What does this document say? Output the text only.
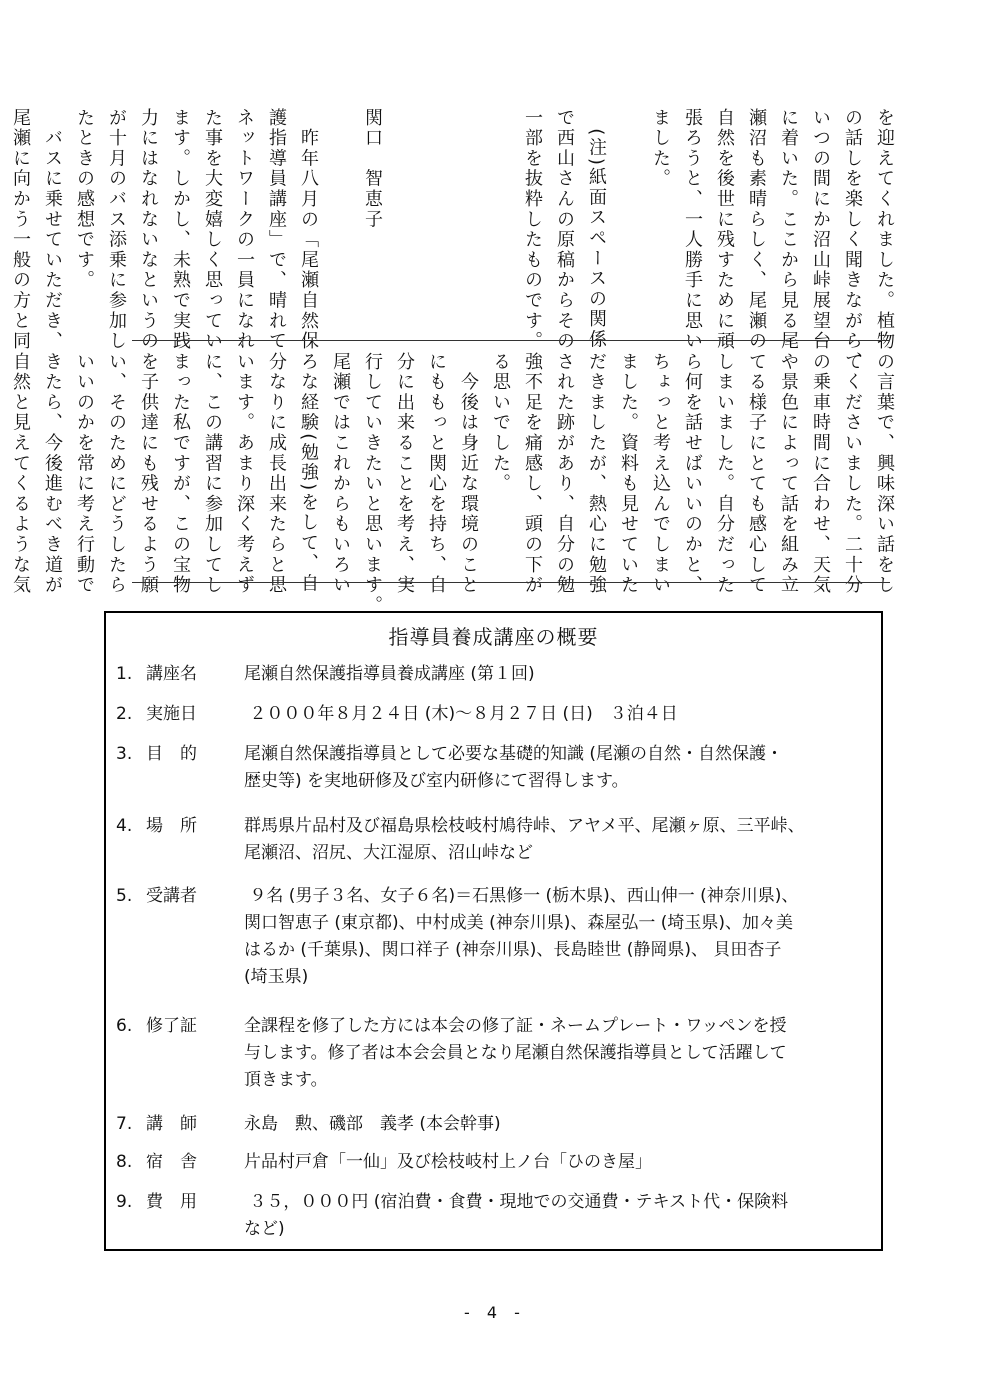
を迎えてくれました。植物
の話しを楽しく聞きながら、
いつの間にか沼山峠展望台
に着いた。ここから見る尾
瀬沼も素晴らしく、尾瀬の
自然を後世に残すために頑
張ろうと、一人勝手に思い
ました。

　(注)紙面スペースの関係
で西山さんの原稿からその
一部を抜粋したものです。

関口　智恵子

　昨年八月の「尾瀬自然保
護指導員講座」で、晴れて
ネットワークの一員になれ
た事を大変嬉しく思ってい
ます。しかし、未熟で実践
力にはなれないなというの
が十月のバス添乗に参加し
たときの感想です。
　バスに乗せていただき、
尾瀬に向かう一般の方と同

の言葉で、興味深い話をし
てくださいました。二十分
の乗車時間に合わせ、天気
や景色によって話を組み立
てる様子にとても感心して
しまいました。自分だった
ら何を話せばいいのかと、
ちょっと考え込んでしまい
ました。資料も見せていた
だきましたが、熱心に勉強
された跡があり、自分の勉
強不足を痛感し、頭の下が
る思いでした。
　今後は身近な環境のこと
にももっと関心を持ち、自
分に出来ることを考え、実
行していきたいと思います。
尾瀬ではこれからもいろい
ろな経験(勉強)をして、自
分なりに成長出来たらと思
います。あまり深く考えず
に、この講習に参加してし
まった私ですが、この宝物
を子供達にも残せるよう願
い、そのためにどうしたら
いいのかを常に考え行動で
きたら、今後進むべき道が
自然と見えてくるような気

指導員養成講座の概要
1. 講座名	尾瀬自然保護指導員養成講座 (第１回)
2. 実施日	２０００年８月２４日 (木)～８月２７日 (日)　３泊４日
3. 目　的	尾瀬自然保護指導員として必要な基礎的知識 (尾瀬の自然・自然保護・
歴史等) を実地研修及び室内研修にて習得します。
4. 場　所	群馬県片品村及び福島県桧枝岐村鳩待峠、アヤメ平、尾瀬ヶ原、三平峠、
尾瀬沼、沼尻、大江湿原、沼山峠など
5. 受講者	９名 (男子３名、女子６名)＝石黒修一 (栃木県)、西山伸一 (神奈川県)、
関口智恵子 (東京都)、中村成美 (神奈川県)、森屋弘一 (埼玉県)、加々美
はるか (千葉県)、関口祥子 (神奈川県)、長島睦世 (静岡県)、 貝田杏子
(埼玉県)
6. 修了証	全課程を修了した方には本会の修了証・ネームプレート・ワッペンを授
与します。修了者は本会会員となり尾瀬自然保護指導員として活躍して
頂きます。
7. 講　師	永島　勲、磯部　義孝 (本会幹事)
8. 宿　舎	片品村戸倉「一仙」及び桧枝岐村上ノ台「ひのき屋」
9. 費　用	３５，０００円 (宿泊費・食費・現地での交通費・テキスト代・保険料
など)
- 4 -
